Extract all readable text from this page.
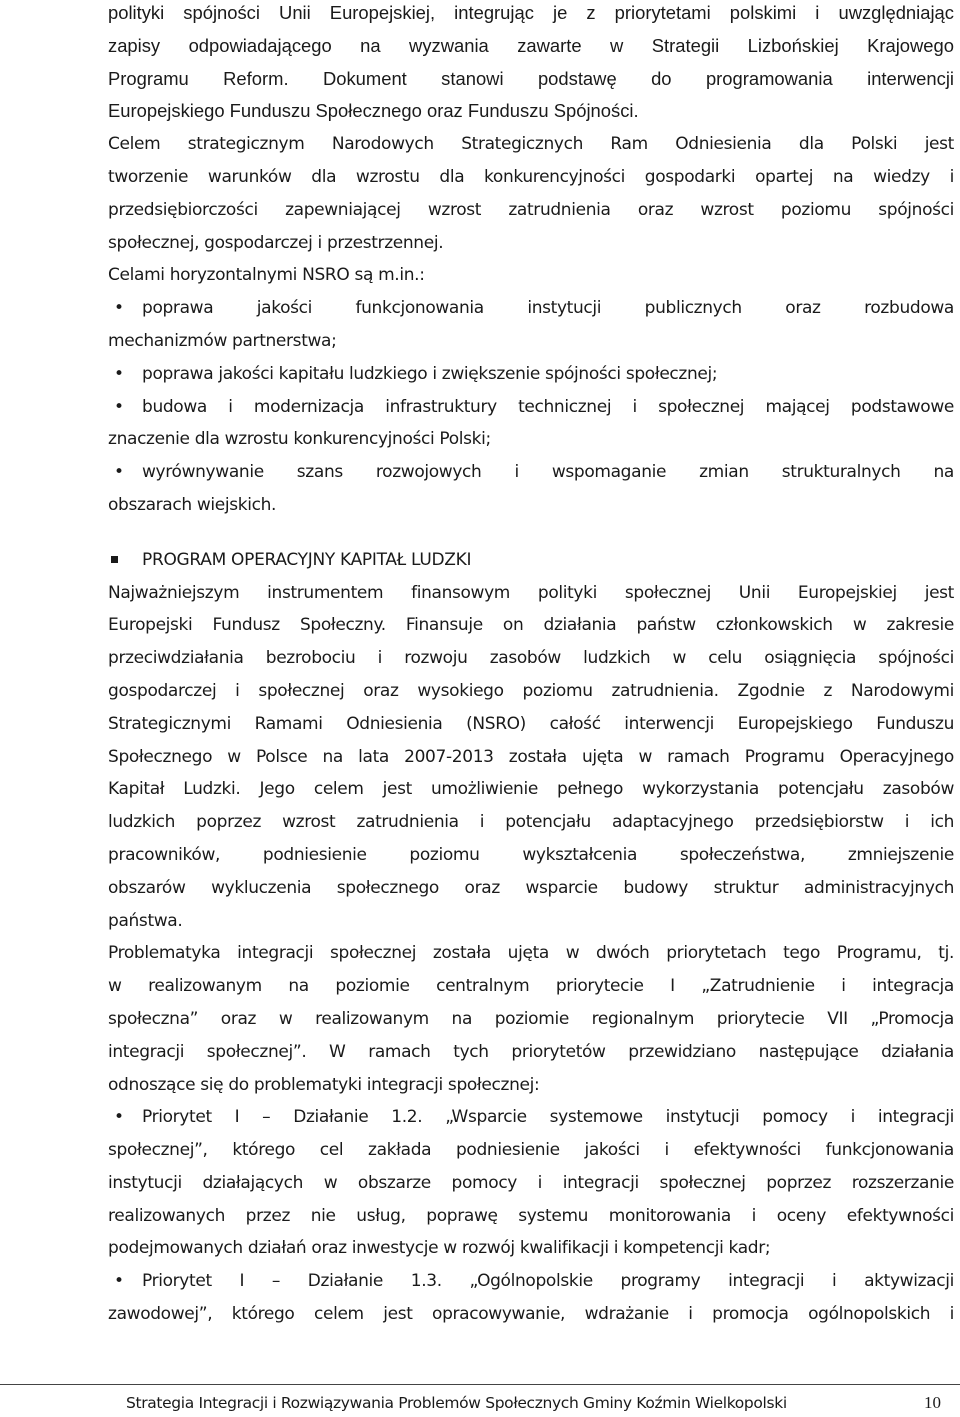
polityki spójności Unii Europejskiej, integrując je z priorytetami polskimi i uwzględniając
zapisy odpowiadającego na wyzwania zawarte w Strategii Lizbońskiej Krajowego
Programu Reform. Dokument stanowi podstawę do programowania interwencji
Europejskiego Funduszu Społecznego oraz Funduszu Spójności.

Celem strategicznym Narodowych Strategicznych Ram Odniesienia dla Polski jest
tworzenie warunków dla wzrostu dla konkurencyjności gospodarki opartej na wiedzy i
przedsiębiorczości zapewniającej wzrost zatrudnienia oraz wzrost poziomu spójności
społecznej, gospodarczej i przestrzennej.
Celami horyzontalnymi NSRO są m.in.:

• poprawa jakości funkcjonowania instytucji publicznych oraz rozbudowa
mechanizmów partnerstwa;
• poprawa jakości kapitału ludzkiego i zwiększenie spójności społecznej;
• budowa i modernizacja infrastruktury technicznej i społecznej mającej podstawowe
znaczenie dla wzrostu konkurencyjności Polski;
• wyrównywanie szans rozwojowych i wspomaganie zmian strukturalnych na
obszarach wiejskich.
PROGRAM OPERACYJNY KAPITAŁ LUDZKI

Najważniejszym instrumentem finansowym polityki społecznej Unii Europejskiej jest
Europejski Fundusz Społeczny. Finansuje on działania państw członkowskich w zakresie
przeciwdziałania bezrobociu i rozwoju zasobów ludzkich w celu osiągnięcia spójności
gospodarczej i społecznej oraz wysokiego poziomu zatrudnienia. Zgodnie z Narodowymi
Strategicznymi Ramami Odniesienia (NSRO) całość interwencji Europejskiego Funduszu
Społecznego w Polsce na lata 2007-2013 została ujęta w ramach Programu Operacyjnego
Kapitał Ludzki. Jego celem jest umożliwienie pełnego wykorzystania potencjału zasobów
ludzkich poprzez wzrost zatrudnienia i potencjału adaptacyjnego przedsiębiorstw i ich
pracowników, podniesienie poziomu wykształcenia społeczeństwa, zmniejszenie
obszarów wykluczenia społecznego oraz wsparcie budowy struktur administracyjnych
państwa.

Problematyka integracji społecznej została ujęta w dwóch priorytetach tego Programu, tj.
w realizowanym na poziomie centralnym priorytecie I „Zatrudnienie i integracja
społeczna” oraz w realizowanym na poziomie regionalnym priorytecie VII „Promocja
integracji społecznej”. W ramach tych priorytetów przewidziano następujące działania
odnoszące się do problematyki integracji społecznej:

• Priorytet I – Działanie 1.2. „Wsparcie systemowe instytucji pomocy i integracji
społecznej”, którego cel zakłada podniesienie jakości i efektywności funkcjonowania
instytucji działających w obszarze pomocy i integracji społecznej poprzez rozszerzanie
realizowanych przez nie usług, poprawę systemu monitorowania i oceny efektywności
podejmowanych działań oraz inwestycje w rozwój kwalifikacji i kompetencji kadr;
• Priorytet I – Działanie 1.3. „Ogólnopolskie programy integracji i aktywizacji
zawodowej”, którego celem jest opracowywanie, wdrażanie i promocja ogólnopolskich i
Strategia Integracji i Rozwiązywania Problemów Społecznych Gminy Koźmin Wielkopolski	10
